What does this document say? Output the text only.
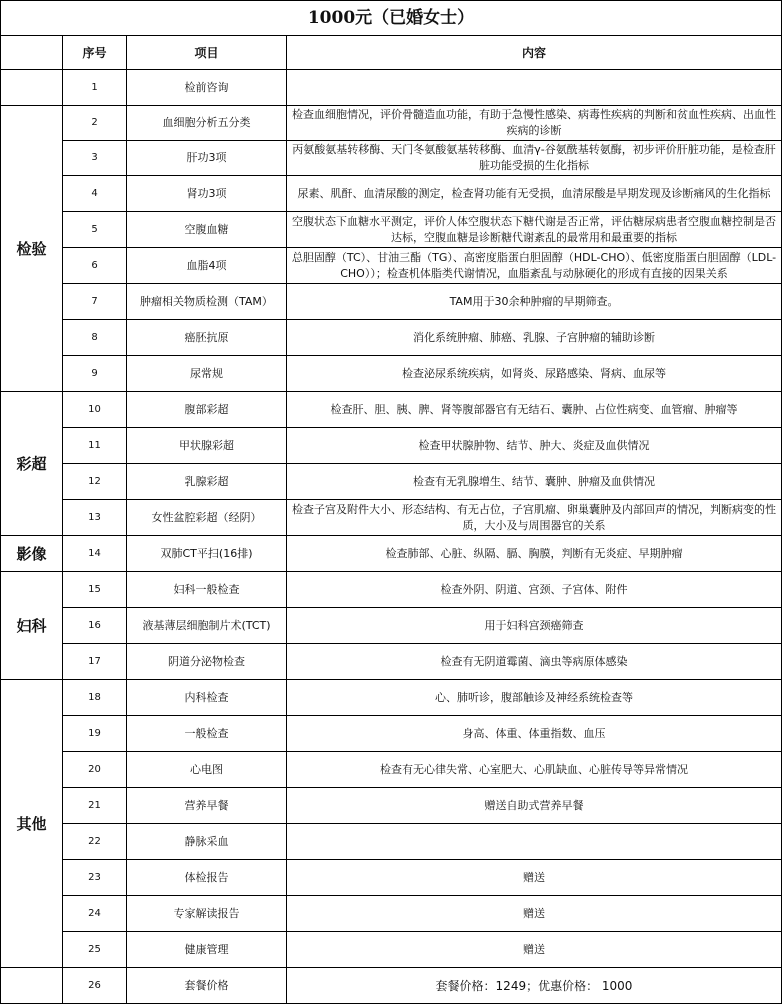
1000元（已婚女士）			
	序号	项目	内容
	1	检前咨询	
检验	2	血细胞分析五分类	检查血细胞情况，评价骨髓造血功能，有助于急慢性感染、病毒性疾病的判断和贫血性疾病、出血性疾病的诊断
	3	肝功3项	丙氨酸氨基转移酶、天门冬氨酸氨基转移酶、血清γ-谷氨酰基转氨酶，初步评价肝脏功能，是检查肝脏功能受损的生化指标
	4	肾功3项	尿素、肌酐、血清尿酸的测定，检查肾功能有无受损，血清尿酸是早期发现及诊断痛风的生化指标
	5	空腹血糖	空腹状态下血糖水平测定，评价人体空腹状态下糖代谢是否正常，评估糖尿病患者空腹血糖控制是否达标，空腹血糖是诊断糖代谢紊乱的最常用和最重要的指标
	6	血脂4项	总胆固醇（TC）、甘油三酯（TG）、高密度脂蛋白胆固醇（HDL-CHO）、低密度脂蛋白胆固醇（LDL-CHO））；检查机体脂类代谢情况，血脂紊乱与动脉硬化的形成有直接的因果关系
	7	肿瘤相关物质检测（TAM）	TAM用于30余种肿瘤的早期筛查。
	8	癌胚抗原	消化系统肿瘤、肺癌、乳腺、子宫肿瘤的辅助诊断
	9	尿常规	检查泌尿系统疾病，如肾炎、尿路感染、肾病、血尿等
彩超	10	腹部彩超	检查肝、胆、胰、脾、肾等腹部器官有无结石、囊肿、占位性病变、血管瘤、肿瘤等
	11	甲状腺彩超	检查甲状腺肿物、结节、肿大、炎症及血供情况
	12	乳腺彩超	检查有无乳腺增生、结节、囊肿、肿瘤及血供情况
	13	女性盆腔彩超（经阴）	检查子宫及附件大小、形态结构、有无占位，子宫肌瘤、卵巢囊肿及内部回声的情况，判断病变的性质，大小及与周围器官的关系
影像	14	双肺CT平扫(16排)	检查肺部、心脏、纵隔、膈、胸膜，判断有无炎症、早期肿瘤
妇科	15	妇科一般检查	检查外阴、阴道、宫颈、子宫体、附件
	16	液基薄层细胞制片术(TCT)	用于妇科宫颈癌筛查
	17	阴道分泌物检查	检查有无阴道霉菌、滴虫等病原体感染
其他	18	内科检查	心、肺听诊，腹部触诊及神经系统检查等
	19	一般检查	身高、体重、体重指数、血压
	20	心电图	检查有无心律失常、心室肥大、心肌缺血、心脏传导等异常情况
	21	营养早餐	赠送自助式营养早餐
	22	静脉采血	
	23	体检报告	赠送
	24	专家解读报告	赠送
	25	健康管理	赠送
	26	套餐价格	套餐价格：1249；优惠价格： 1000
